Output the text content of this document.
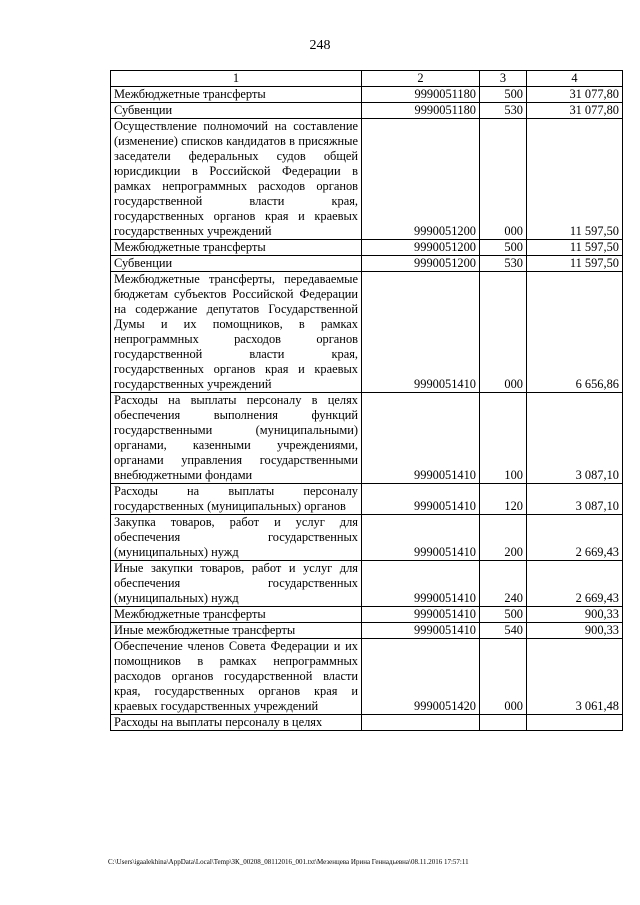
248
1	2	3	4
Межбюджетные трансферты	9990051180	500	31 077,80
Субвенции	9990051180	530	31 077,80
Осуществление полномочий на составление (изменение) списков кандидатов в присяжные заседатели федеральных судов общей юрисдикции в Российской Федерации в рамках непрограммных расходов органов государственной власти края, государственных органов края и краевых государственных учреждений	9990051200	000	11 597,50
Межбюджетные трансферты	9990051200	500	11 597,50
Субвенции	9990051200	530	11 597,50
Межбюджетные трансферты, передаваемые бюджетам субъектов Российской Федерации на содержание депутатов Государственной Думы и их помощников, в рамках непрограммных расходов органов государственной власти края, государственных органов края и краевых государственных учреждений	9990051410	000	6 656,86
Расходы на выплаты персоналу в целях обеспечения выполнения функций государственными (муниципальными) органами, казенными учреждениями, органами управления государственными внебюджетными фондами	9990051410	100	3 087,10
Расходы на выплаты персоналу государственных (муниципальных) органов	9990051410	120	3 087,10
Закупка товаров, работ и услуг для обеспечения государственных (муниципальных) нужд	9990051410	200	2 669,43
Иные закупки товаров, работ и услуг для обеспечения государственных (муниципальных) нужд	9990051410	240	2 669,43
Межбюджетные трансферты	9990051410	500	900,33
Иные межбюджетные трансферты	9990051410	540	900,33
Обеспечение членов Совета Федерации и их помощников в рамках непрограммных расходов органов государственной власти края, государственных органов края и краевых государственных учреждений	9990051420	000	3 061,48
Расходы на выплаты персоналу в целях			
C:\Users\igaalekhina\AppData\Local\Temp\ЗК_00208_08112016_001.txt\Мезенцева Ирина Геннадьевна\08.11.2016 17:57:11
